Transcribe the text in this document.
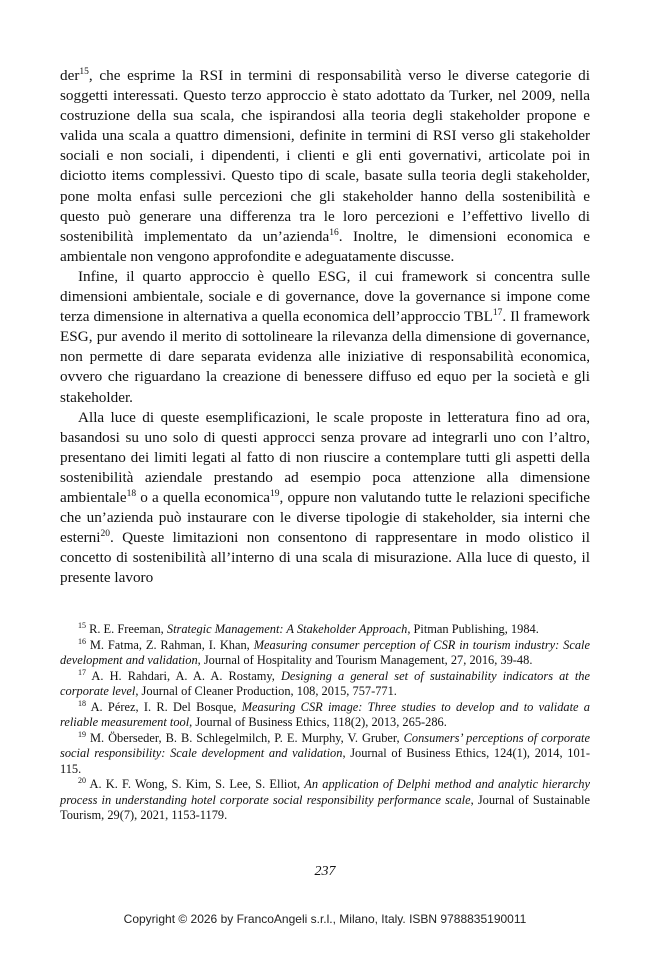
der$^{15}$, che esprime la RSI in termini di responsabilità verso le diverse categorie di soggetti interessati. Questo terzo approccio è stato adottato da Turker, nel 2009, nella costruzione della sua scala, che ispirandosi alla teoria degli stakeholder propone e valida una scala a quattro dimensioni, definite in termini di RSI verso gli stakeholder sociali e non sociali, i dipendenti, i clienti e gli enti governativi, articolate poi in diciotto items complessivi. Questo tipo di scale, basate sulla teoria degli stakeholder, pone molta enfasi sulle percezioni che gli stakeholder hanno della sostenibilità e questo può generare una differenza tra le loro percezioni e l’effettivo livello di sostenibilità implementato da un’azienda$^{16}$. Inoltre, le dimensioni economica e ambientale non vengono approfondite e adeguatamente discusse.

Infine, il quarto approccio è quello ESG, il cui framework si concentra sulle dimensioni ambientale, sociale e di governance, dove la governance si impone come terza dimensione in alternativa a quella economica dell’approccio TBL$^{17}$. Il framework ESG, pur avendo il merito di sottolineare la rilevanza della dimensione di governance, non permette di dare separata evidenza alle iniziative di responsabilità economica, ovvero che riguardano la creazione di benessere diffuso ed equo per la società e gli stakeholder.

Alla luce di queste esemplificazioni, le scale proposte in letteratura fino ad ora, basandosi su uno solo di questi approcci senza provare ad integrarli uno con l’altro, presentano dei limiti legati al fatto di non riuscire a contemplare tutti gli aspetti della sostenibilità aziendale prestando ad esempio poca attenzione alla dimensione ambientale$^{18}$ o a quella economica$^{19}$, oppure non valutando tutte le relazioni specifiche che un’azienda può instaurare con le diverse tipologie di stakeholder, sia interni che esterni$^{20}$. Queste limitazioni non consentono di rappresentare in modo olistico il concetto di sostenibilità all’interno di una scala di misurazione. Alla luce di questo, il presente lavoro

$^{15}$ R. E. Freeman, Strategic Management: A Stakeholder Approach, Pitman Publishing, 1984.

$^{16}$ M. Fatma, Z. Rahman, I. Khan, Measuring consumer perception of CSR in tourism industry: Scale development and validation, Journal of Hospitality and Tourism Management, 27, 2016, 39-48.

$^{17}$ A. H. Rahdari, A. A. A. Rostamy, Designing a general set of sustainability indicators at the corporate level, Journal of Cleaner Production, 108, 2015, 757-771.

$^{18}$ A. Pérez, I. R. Del Bosque, Measuring CSR image: Three studies to develop and to validate a reliable measurement tool, Journal of Business Ethics, 118(2), 2013, 265-286.

$^{19}$ M. Öberseder, B. B. Schlegelmilch, P. E. Murphy, V. Gruber, Consumers’ perceptions of corporate social responsibility: Scale development and validation, Journal of Business Ethics, 124(1), 2014, 101-115.

$^{20}$ A. K. F. Wong, S. Kim, S. Lee, S. Elliot, An application of Delphi method and analytic hierarchy process in understanding hotel corporate social responsibility performance scale, Journal of Sustainable Tourism, 29(7), 2021, 1153-1179.

237
Copyright © 2026 by FrancoAngeli s.r.l., Milano, Italy. ISBN 9788835190011
